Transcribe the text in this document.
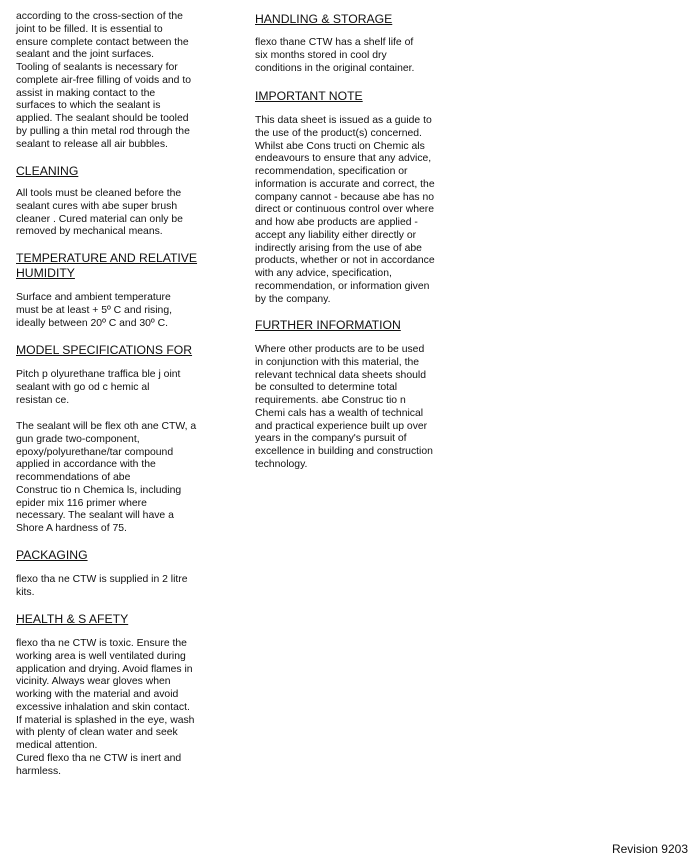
according to the cross-section of the
joint to be filled. It is essential to
ensure complete contact between the
sealant and the joint surfaces.
Tooling of sealants is necessary for
complete air-free filling of voids and to
assist in making contact to the
surfaces to which the sealant is
applied. The sealant should be tooled
by pulling a thin metal rod through the
sealant to release all air bubbles.

CLEANING

All tools must be cleaned before the
sealant cures with abe super brush
cleaner . Cured material can only be
removed by mechanical means.

TEMPERATURE AND RELATIVE
HUMIDITY

Surface and ambient temperature
must be at least + 5º C and rising,
ideally between 20º C and 30º C.

MODEL SPECIFICATIONS FOR

Pitch p olyurethane traffica ble j oint
sealant with go od c hemic al
resistan ce.

The sealant will be flex oth ane CTW, a
gun grade two-component,
epoxy/polyurethane/tar compound
applied in accordance with the
recommendations of abe
Construc tio n Chemica ls, including
epider mix 116 primer where
necessary. The sealant will have a
Shore A hardness of 75.

PACKAGING

flexo tha ne CTW is supplied in 2 litre
kits.

HEALTH & S AFETY

flexo tha ne CTW is toxic. Ensure the
working area is well ventilated during
application and drying. Avoid flames in
vicinity. Always wear gloves when
working with the material and avoid
excessive inhalation and skin contact.
If material is splashed in the eye, wash
with plenty of clean water and seek
medical attention.
Cured flexo tha ne CTW is inert and
harmless.

HANDLING & STORAGE

flexo thane CTW has a shelf life of
six months stored in cool dry
conditions in the original container.

IMPORTANT NOTE

This data sheet is issued as a guide to
the use of the product(s) concerned.
Whilst abe Cons tructi on Chemic als
endeavours to ensure that any advice,
recommendation, specification or
information is accurate and correct, the
company cannot - because abe has no
direct or continuous control over where
and how abe products are applied -
accept any liability either directly or
indirectly arising from the use of abe
products, whether or not in accordance
with any advice, specification,
recommendation, or information given
by the company.

FURTHER INFORMATION

Where other products are to be used
in conjunction with this material, the
relevant technical data sheets should
be consulted to determine total
requirements. abe Construc tio n
Chemi cals has a wealth of technical
and practical experience built up over
years in the company's pursuit of
excellence in building and construction
technology.

Revision 9203
